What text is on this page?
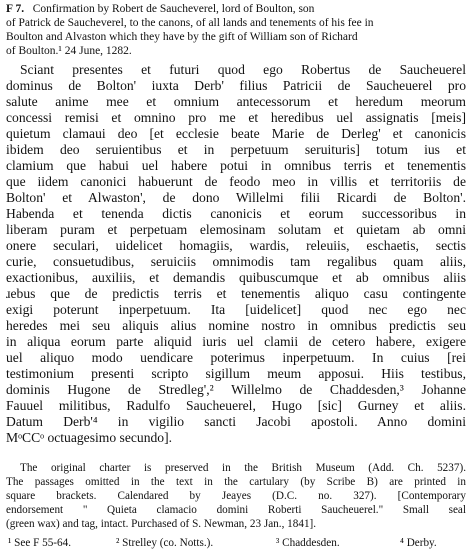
F 7. Confirmation by Robert de Saucheverel, lord of Boulton, son
of Patrick de Saucheverel, to the canons, of all lands and tenements of his fee in
Boulton and Alvaston which they have by the gift of William son of Richard
of Boulton.¹ 24 June, 1282.
Sciant presentes et futuri quod ego Robertus de Saucheuerel
dominus de Bolton' iuxta Derb' filius Patricii de Saucheuerel pro
salute anime mee et omnium antecessorum et heredum meorum
concessi remisi et omnino pro me et heredibus uel assignatis [meis]
quietum clamaui deo [et ecclesie beate Marie de Derleg' et canonicis
ibidem deo seruientibus et in perpetuum seruituris] totum ius et
clamium que habui uel habere potui in omnibus terris et tenementis
que iidem canonici habuerunt de feodo meo in villis et territoriis de
Bolton' et Alwaston', de dono Willelmi filii Ricardi de Bolton'.
Habenda et tenenda dictis canonicis et eorum successoribus in
liberam puram et perpetuam elemosinam solutam et quietam ab omni
onere seculari, uidelicet homagiis, wardis, releuiis, eschaetis, sectis
curie, consuetudibus, seruiciis omnimodis tam regalibus quam aliis,
exactionibus, auxiliis, et demandis quibuscumque et ab omnibus aliis
ɹebus que de predictis terris et tenementis aliquo casu contingente
exigi poterunt inperpetuum. Ita [uidelicet] quod nec ego nec
heredes mei seu aliquis alius nomine nostro in omnibus predictis seu
in aliqua eorum parte aliquid iuris uel clamii de cetero habere, exigere
uel aliquo modo uendicare poterimus inperpetuum. In cuius [rei
testimonium presenti scripto sigillum meum apposui. Hiis testibus,
dominis Hugone de Stredleg',² Willelmo de Chaddesden,³ Johanne
Fauuel militibus, Radulfo Saucheuerel, Hugo [sic] Gurney et aliis.
Datum Derb'⁴ in vigilio sancti Jacobi apostoli. Anno domini
MᵒCCᵒ octuagesimo secundo].
The original charter is preserved in the British Museum (Add. Ch. 5237).
The passages omitted in the text in the cartulary (by Scribe B) are printed in
square brackets. Calendared by Jeayes (D.C. no. 327). [Contemporary
endorsement " Quieta clamacio domini Roberti Saucheuerel." Small seal
(green wax) and tag, intact. Purchased of S. Newman, 23 Jan., 1841].
¹ See F 55-64.	² Strelley (co. Notts.).	³ Chaddesden.	⁴ Derby.
